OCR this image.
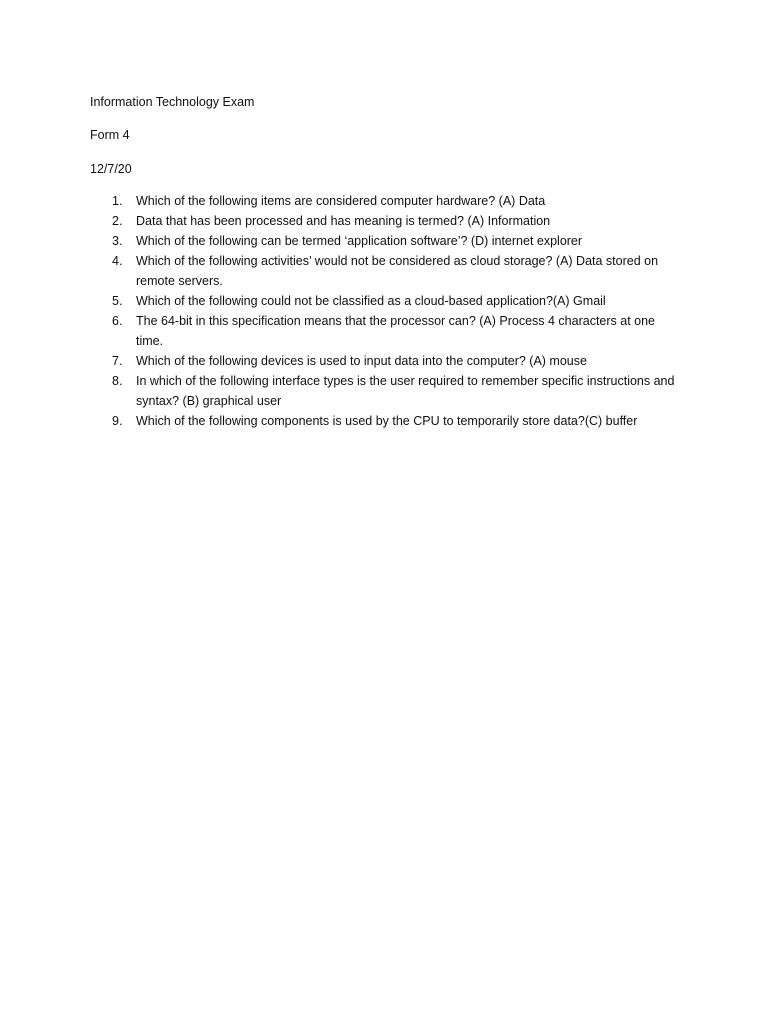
Information Technology Exam
Form 4
12/7/20
1.	Which of the following items are considered computer hardware? (A) Data
2.	Data that has been processed and has meaning is termed? (A) Information
3.	Which of the following can be termed ‘application software’? (D) internet explorer
4.	Which of the following activities’ would not be considered as cloud storage? (A) Data stored on remote servers.
5.	Which of the following could not be classified as a cloud-based application?(A) Gmail
6.	The 64-bit in this specification means that the processor can? (A) Process 4 characters at one time.
7.	Which of the following devices is used to input data into the computer? (A) mouse
8.	In which of the following interface types is the user required to remember specific instructions and syntax? (B) graphical user
9.	Which of the following components is used by the CPU to temporarily store data?(C) buffer
